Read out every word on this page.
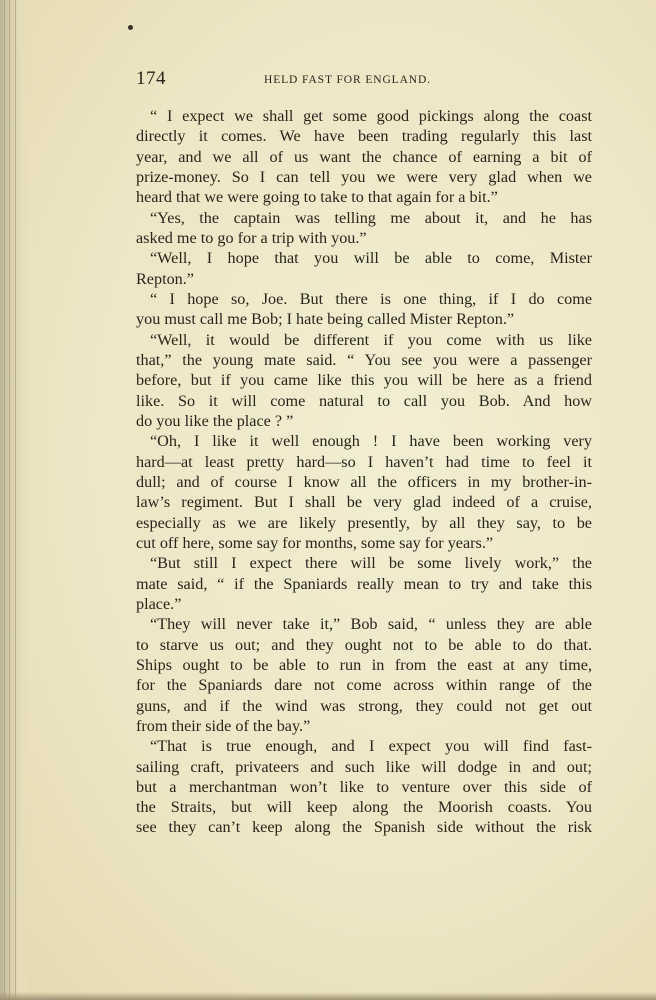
174	HELD FAST FOR ENGLAND.
“ I expect we shall get some good pickings along the coast
directly it comes. We have been trading regularly this last
year, and we all of us want the chance of earning a bit of
prize-money. So I can tell you we were very glad when we
heard that we were going to take to that again for a bit.”
“Yes, the captain was telling me about it, and he has
asked me to go for a trip with you.”
“Well, I hope that you will be able to come, Mister
Repton.”
“ I hope so, Joe. But there is one thing, if I do come
you must call me Bob; I hate being called Mister Repton.”
“Well, it would be different if you come with us like
that,” the young mate said. “ You see you were a passenger
before, but if you came like this you will be here as a friend
like. So it will come natural to call you Bob. And how
do you like the place ? ”
“Oh, I like it well enough ! I have been working very
hard—at least pretty hard—so I haven’t had time to feel it
dull; and of course I know all the officers in my brother-in-
law’s regiment. But I shall be very glad indeed of a cruise,
especially as we are likely presently, by all they say, to be
cut off here, some say for months, some say for years.”
“But still I expect there will be some lively work,” the
mate said, “ if the Spaniards really mean to try and take this
place.”
“They will never take it,” Bob said, “ unless they are able
to starve us out; and they ought not to be able to do that.
Ships ought to be able to run in from the east at any time,
for the Spaniards dare not come across within range of the
guns, and if the wind was strong, they could not get out
from their side of the bay.”
“That is true enough, and I expect you will find fast-
sailing craft, privateers and such like will dodge in and out;
but a merchantman won’t like to venture over this side of
the Straits, but will keep along the Moorish coasts. You
see they can’t keep along the Spanish side without the risk
